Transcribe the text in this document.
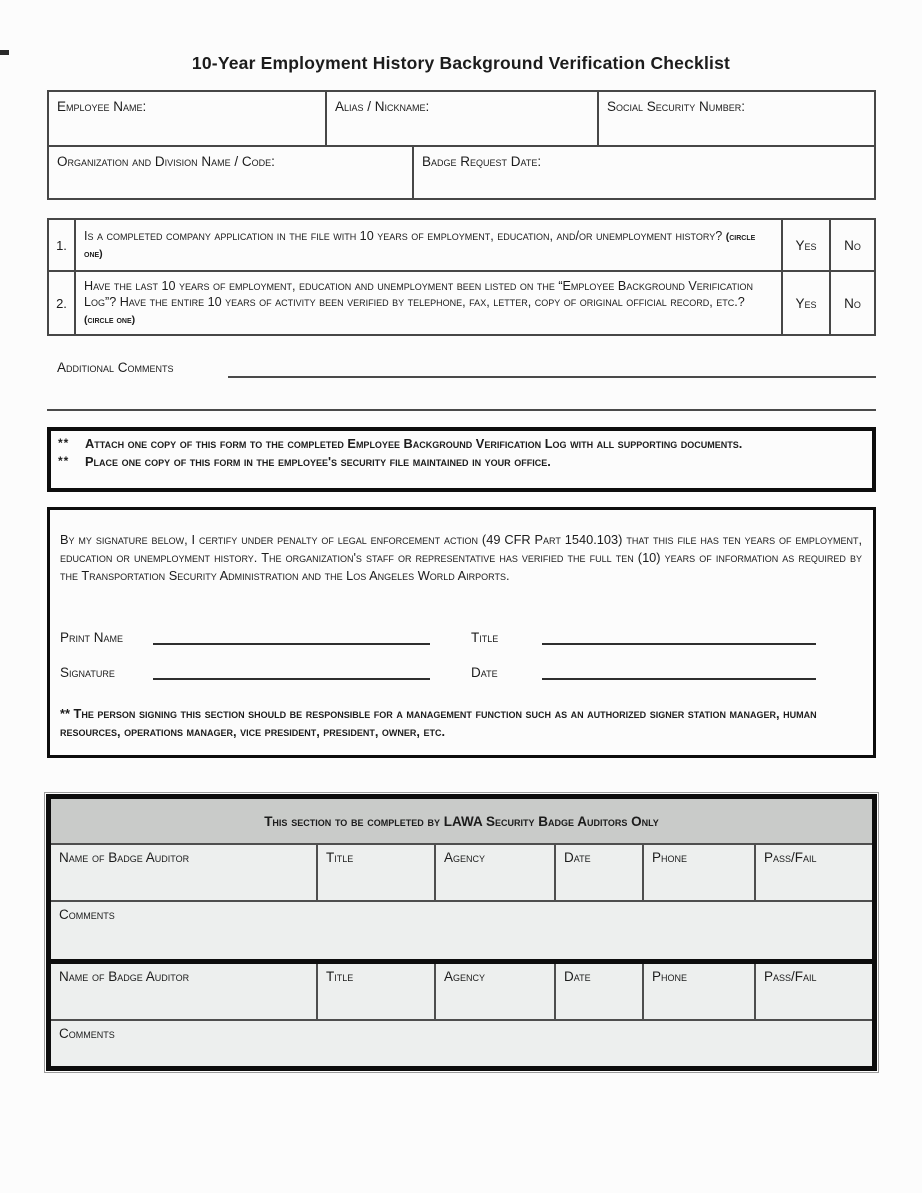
10-Year Employment History Background Verification Checklist
Employee Name:	Alias / Nickname:	Social Security Number:
Organization and Division Name / Code:	Badge Request Date:
1.
Is a completed company application in the file with 10 years of employment, education, and/or unemployment history? (circle one)
Yes	No
2.
Have the last 10 years of employment, education and unemployment been listed on the “Employee Background Verification Log”? Have the entire 10 years of activity been verified by telephone, fax, letter, copy of original official record, etc.? (circle one)
Yes	No
Additional Comments
**	Attach one copy of this form to the completed Employee Background Verification Log with all supporting documents.
**	Place one copy of this form in the employee's security file maintained in your office.

By my signature below, I certify under penalty of legal enforcement action (49 CFR Part 1540.103) that this file has ten years of employment, education or unemployment history. The organization's staff or representative has verified the full ten (10) years of information as required by the Transportation Security Administration and the Los Angeles World Airports.

Print Name	Title
Signature	Date

** The person signing this section should be responsible for a management function such as an authorized signer station manager, human resources, operations manager, vice president, president, owner, etc.

This section to be completed by LAWA Security Badge Auditors Only
Name of Badge Auditor	Title	Agency	Date	Phone	Pass/Fail
Comments
Name of Badge Auditor	Title	Agency	Date	Phone	Pass/Fail
Comments
